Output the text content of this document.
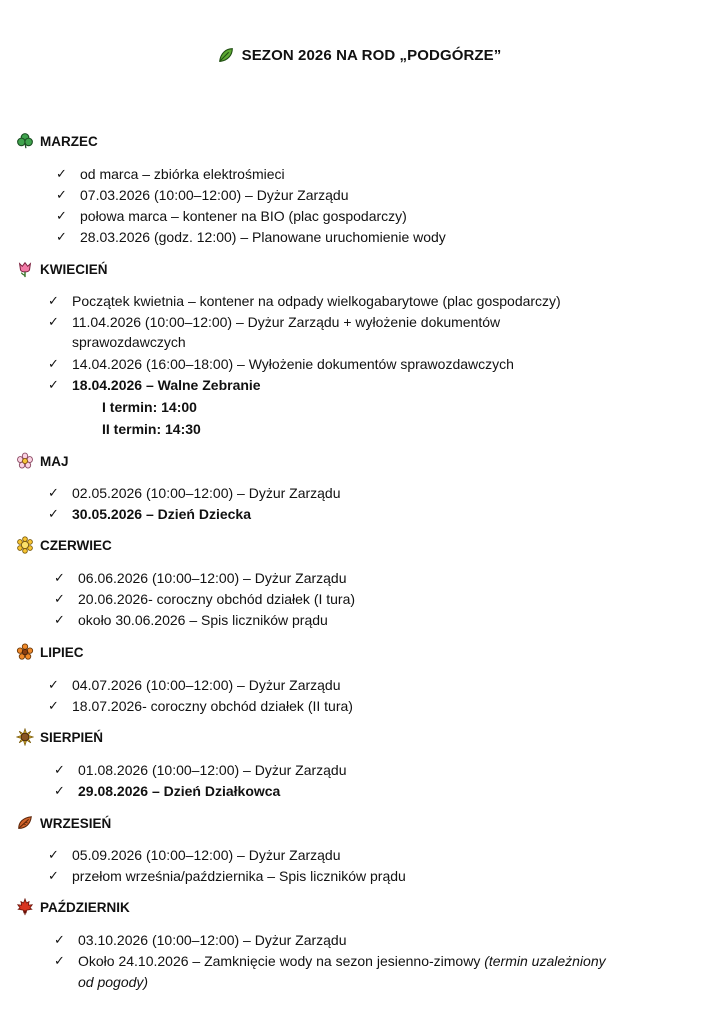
SEZON 2026 NA ROD „PODGÓRZE”
MARZEC
✓ od marca – zbiórka elektrośmieci
✓ 07.03.2026 (10:00–12:00) – Dyżur Zarządu
✓ połowa marca – kontener na BIO (plac gospodarczy)
✓ 28.03.2026 (godz. 12:00) – Planowane uruchomienie wody
KWIECIEŃ
✓ Początek kwietnia – kontener na odpady wielkogabarytowe (plac gospodarczy)
✓ 11.04.2026 (10:00–12:00) – Dyżur Zarządu + wyłożenie dokumentów
sprawozdawczych
✓ 14.04.2026 (16:00–18:00) – Wyłożenie dokumentów sprawozdawczych
✓ 18.04.2026 – Walne Zebranie
I termin: 14:00
II termin: 14:30
MAJ
✓ 02.05.2026 (10:00–12:00) – Dyżur Zarządu
✓ 30.05.2026 – Dzień Dziecka
CZERWIEC
✓ 06.06.2026 (10:00–12:00) – Dyżur Zarządu
✓ 20.06.2026- coroczny obchód działek (I tura)
✓ około 30.06.2026 – Spis liczników prądu
LIPIEC
✓ 04.07.2026 (10:00–12:00) – Dyżur Zarządu
✓ 18.07.2026- coroczny obchód działek (II tura)
SIERPIEŃ
✓ 01.08.2026 (10:00–12:00) – Dyżur Zarządu
✓ 29.08.2026 – Dzień Działkowca
WRZESIEŃ
✓ 05.09.2026 (10:00–12:00) – Dyżur Zarządu
✓ przełom września/października – Spis liczników prądu
PAŹDZIERNIK
✓ 03.10.2026 (10:00–12:00) – Dyżur Zarządu
✓ Około 24.10.2026 – Zamknięcie wody na sezon jesienno-zimowy (termin uzależniony
od pogody)
